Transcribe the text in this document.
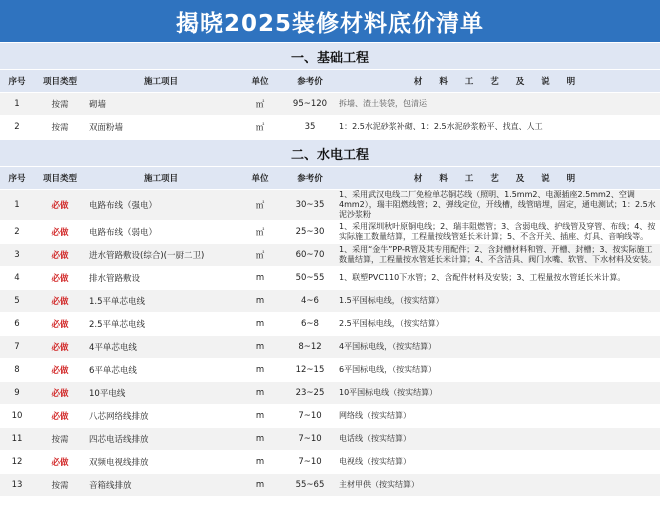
揭晓2025装修材料底价清单
一、基础工程
序号	项目类型	施工项目	单位	参考价	材 料 工 艺 及 说 明
1	按需	砌墙	㎡	95~120	拆墙、渣土装袋，包清运
2	按需	双面粉墙	㎡	35	1：2.5水泥砂浆补砌、1：2.5水泥砂浆粉平、找直、人工
二、水电工程
序号	项目类型	施工项目	单位	参考价	材 料 工 艺 及 说 明
1	必做	电路布线（强电）	㎡	30~35	1、采用武汉电线二厂免检单芯铜芯线（照明、1.5mm2、电源插座2.5mm2、空调4mm2），瑞丰阻燃线管；2、弹线定位，开线槽，线管暗埋，固定，通电测试；1：2.5水泥沙浆粉
2	必做	电路布线（弱电）	㎡	25~30	1、采用深圳秋叶原铜电线；2、瑞丰阻燃管；3、含弱电线、护线管及穿管、布线；4、按实际施工数量结算，工程量按线管延长米计算；5、不含开关、插座、灯具、音响线等。
3	必做	进水管路敷设(综合)(一厨二卫)	㎡	60~70	1、采用“金牛”PP-R管及其专用配件；2、含封槽材料和管、开槽、封槽；3、按实际施工数量结算，工程量按水管延长米计算；4、不含洁具、阀门水嘴、软管、下水材料及安装。
4	必做	排水管路敷设	m	50~55	1、联塑PVC110下水管；2、含配件材料及安装；3、工程量按水管延长米计算。
5	必做	1.5平单芯电线	m	4~6	1.5平国标电线，（按实结算）
6	必做	2.5平单芯电线	m	6~8	2.5平国标电线，（按实结算）
7	必做	4平单芯电线	m	8~12	4平国标电线，（按实结算）
8	必做	6平单芯电线	m	12~15	6平国标电线，（按实结算）
9	必做	10平电线	m	23~25	10平国标电线（按实结算）
10	必做	八芯网络线排放	m	7~10	网络线（按实结算）
11	按需	四芯电话线排放	m	7~10	电话线（按实结算）
12	必做	双频电视线排放	m	7~10	电视线（按实结算）
13	按需	音箱线排放	m	55~65	主材甲供（按实结算）
